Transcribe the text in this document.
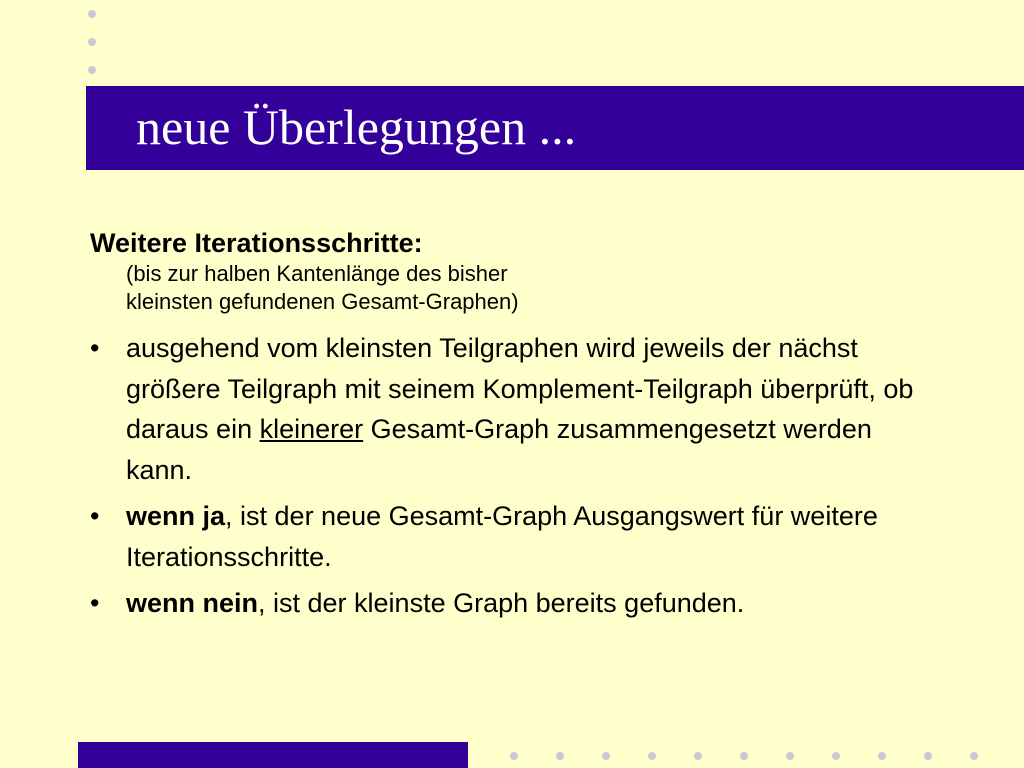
neue Überlegungen ...

Weitere Iterationsschritte:

(bis zur halben Kantenlänge des bisher

kleinsten gefundenen Gesamt-Graphen)

• ausgehend vom kleinsten Teilgraphen wird jeweils der nächst größere Teilgraph mit seinem Komplement-Teilgraph überprüft, ob daraus ein kleinerer Gesamt-Graph zusammengesetzt werden kann.
• wenn ja, ist der neue Gesamt-Graph Ausgangswert für weitere Iterationsschritte.
• wenn nein, ist der kleinste Graph bereits gefunden.
